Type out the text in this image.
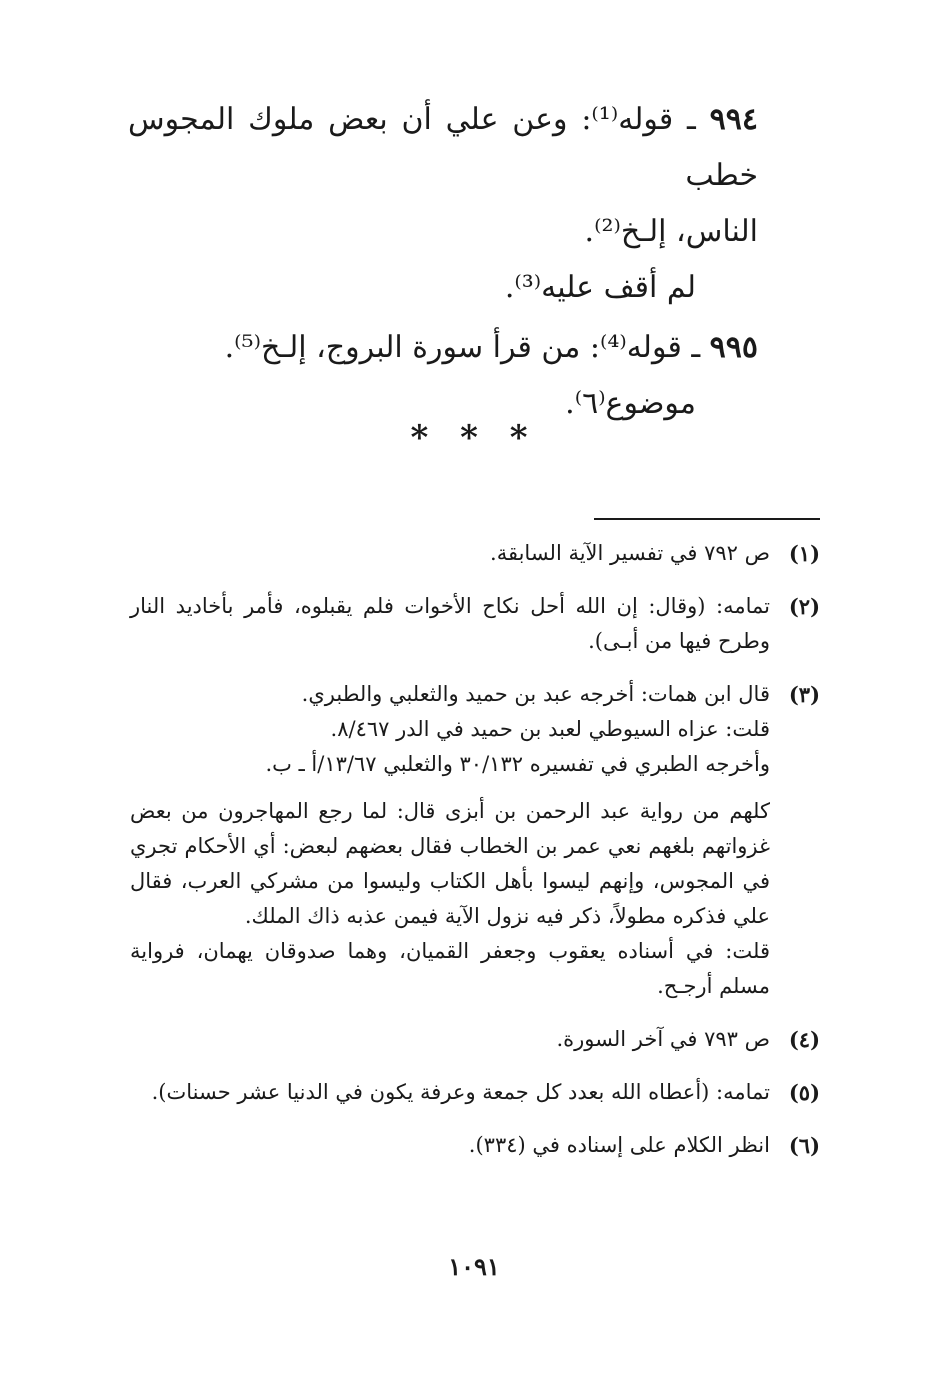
٩٩٤ ـ قوله⁽¹⁾: وعن علي أن بعض ملوك المجوس خطب

الناس، إلـخ⁽²⁾.

لم أقف عليه⁽³⁾.

٩٩٥ ـ قوله⁽⁴⁾: من قرأ سورة البروج، إلـخ⁽⁵⁾.

موضوع⁽٦⁾.

* * *
(١)

ص ٧٩٢ في تفسير الآية السابقة.

(٢)

تمامه: (وقال: إن الله أحل نكاح الأخوات فلم يقبلوه، فأمر بأخاديد النار وطرح فيها من أبـى).

(٣)

قال ابن همات: أخرجه عبد بن حميد والثعلبي والطبري.

قلت: عزاه السيوطي لعبد بن حميد في الدر ٨/٤٦٧.

وأخرجه الطبري في تفسيره ٣٠/١٣٢ والثعلبي ١٣/٦٧/أ ـ ب.

كلهم من رواية عبد الرحمن بن أبزى قال: لما رجع المهاجرون من بعض غزواتهم بلغهم نعي عمر بن الخطاب فقال بعضهم لبعض: أي الأحكام تجري في المجوس، وإنهم ليسوا بأهل الكتاب وليسوا من مشركي العرب، فقال علي فذكره مطولاً، ذكر فيه نزول الآية فيمن عذبه ذاك الملك.

قلت: في أسناده يعقوب وجعفر القميان، وهما صدوقان يهمان، فرواية مسلم أرجـح.

(٤)

ص ٧٩٣ في آخر السورة.

(٥)

تمامه: (أعطاه الله بعدد كل جمعة وعرفة يكون في الدنيا عشر حسنات).

(٦)

انظر الكلام على إسناده في (٣٣٤).

١٠٩١
